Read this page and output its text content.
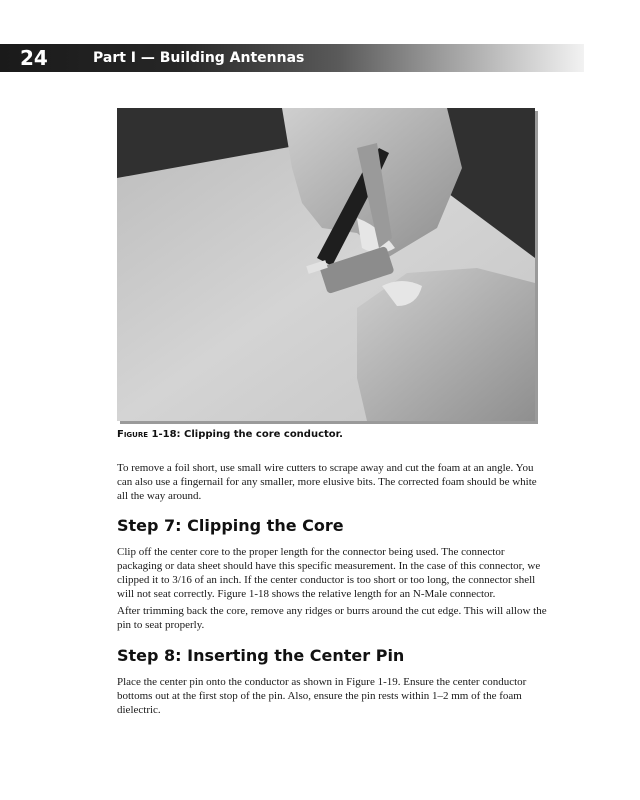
24	Part I — Building Antennas
Figure 1-18: Clipping the core conductor.

To remove a foil short, use small wire cutters to scrape away and cut the foam at an angle. You can also use a fingernail for any smaller, more elusive bits. The corrected foam should be white all the way around.

Step 7: Clipping the Core

Clip off the center core to the proper length for the connector being used. The connector packaging or data sheet should have this specific measurement. In the case of this connector, we clipped it to 3/16 of an inch. If the center conductor is too short or too long, the connector shell will not seat correctly. Figure 1-18 shows the relative length for an N-Male connector.

After trimming back the core, remove any ridges or burrs around the cut edge. This will allow the pin to seat properly.

Step 8: Inserting the Center Pin

Place the center pin onto the conductor as shown in Figure 1-19. Ensure the center conductor bottoms out at the first stop of the pin. Also, ensure the pin rests within 1–2 mm of the foam dielectric.
